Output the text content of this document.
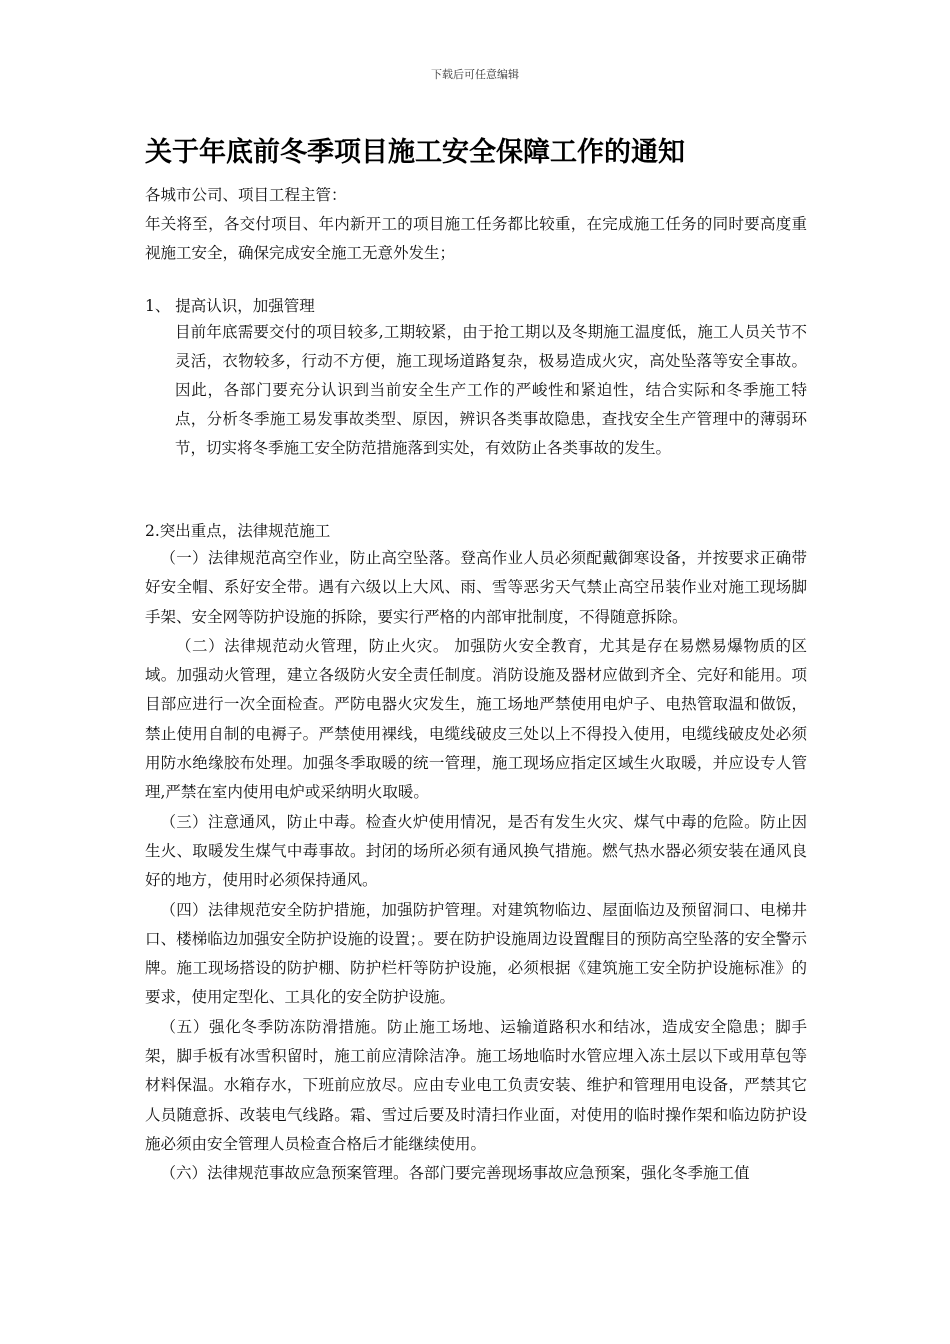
下载后可任意编辑
关于年底前冬季项目施工安全保障工作的通知

各城市公司、项目工程主管：

年关将至，各交付项目、年内新开工的项目施工任务都比较重，在完成施工任务的同时要高度重视施工安全，确保完成安全施工无意外发生；

1、 提高认识，加强管理
目前年底需要交付的项目较多,工期较紧，由于抢工期以及冬期施工温度低，施工人员关节不灵活，衣物较多，行动不方便，施工现场道路复杂，极易造成火灾，高处坠落等安全事故。因此，各部门要充分认识到当前安全生产工作的严峻性和紧迫性，结合实际和冬季施工特点，分析冬季施工易发事故类型、原因，辨识各类事故隐患，查找安全生产管理中的薄弱环节，切实将冬季施工安全防范措施落到实处，有效防止各类事故的发生。
2.突出重点，法律规范施工

（一）法律规范高空作业，防止高空坠落。登高作业人员必须配戴御寒设备，并按要求正确带好安全帽、系好安全带。遇有六级以上大风、雨、雪等恶劣天气禁止高空吊装作业对施工现场脚手架、安全网等防护设施的拆除，要实行严格的内部审批制度，不得随意拆除。

（二）法律规范动火管理，防止火灾。 加强防火安全教育，尤其是存在易燃易爆物质的区域。加强动火管理，建立各级防火安全责任制度。消防设施及器材应做到齐全、完好和能用。项目部应进行一次全面检查。严防电器火灾发生，施工场地严禁使用电炉子、电热管取温和做饭，禁止使用自制的电褥子。严禁使用裸线，电缆线破皮三处以上不得投入使用，电缆线破皮处必须用防水绝缘胶布处理。加强冬季取暖的统一管理，施工现场应指定区域生火取暖，并应设专人管理,严禁在室内使用电炉或采纳明火取暖。

（三）注意通风，防止中毒。检查火炉使用情况，是否有发生火灾、煤气中毒的危险。防止因生火、取暖发生煤气中毒事故。封闭的场所必须有通风换气措施。燃气热水器必须安装在通风良好的地方，使用时必须保持通风。

（四）法律规范安全防护措施，加强防护管理。对建筑物临边、屋面临边及预留洞口、电梯井口、楼梯临边加强安全防护设施的设置；。要在防护设施周边设置醒目的预防高空坠落的安全警示牌。施工现场搭设的防护棚、防护栏杆等防护设施，必须根据《建筑施工安全防护设施标准》的要求，使用定型化、工具化的安全防护设施。

（五）强化冬季防冻防滑措施。防止施工场地、运输道路积水和结冰，造成安全隐患；脚手架，脚手板有冰雪积留时，施工前应清除洁净。施工场地临时水管应埋入冻土层以下或用草包等材料保温。水箱存水，下班前应放尽。应由专业电工负责安装、维护和管理用电设备，严禁其它人员随意拆、改装电气线路。霜、雪过后要及时清扫作业面，对使用的临时操作架和临边防护设施必须由安全管理人员检查合格后才能继续使用。

（六）法律规范事故应急预案管理。各部门要完善现场事故应急预案，强化冬季施工值
